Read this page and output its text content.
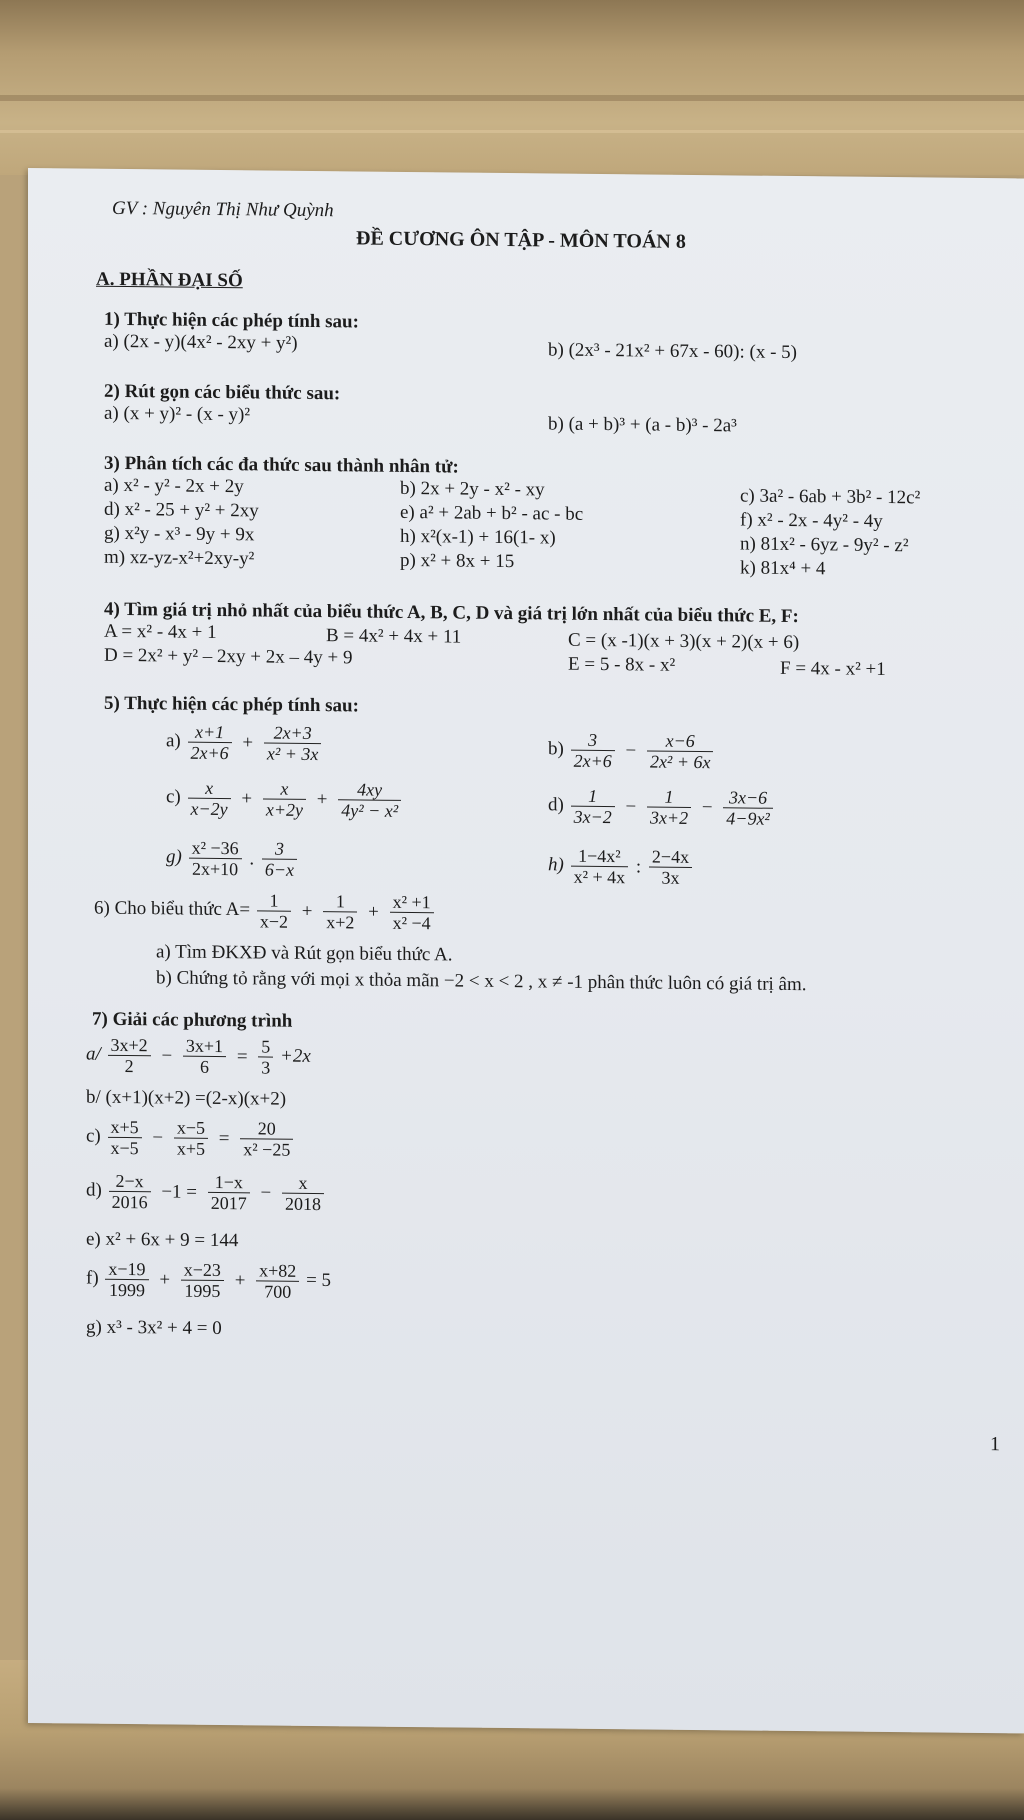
GV : Nguyên Thị Như Quỳnh
ĐỀ CƯƠNG ÔN TẬP - MÔN TOÁN 8
A. PHẦN ĐẠI SỐ
1) Thực hiện các phép tính sau:
a) (2x - y)(4x² - 2xy + y²)	b) (2x³ - 21x² + 67x - 60): (x - 5)
2) Rút gọn các biểu thức sau:
a) (x + y)² - (x - y)²	b) (a + b)³ + (a - b)³ - 2a³
3) Phân tích các đa thức sau thành nhân tử:
a) x² - y² - 2x + 2y	b) 2x + 2y - x² - xy	c) 3a² - 6ab + 3b² - 12c²
d) x² - 25 + y² + 2xy	e) a² + 2ab + b² - ac - bc	f) x² - 2x - 4y² - 4y
g) x²y - x³ - 9y + 9x	h) x²(x-1) + 16(1- x)	n) 81x² - 6yz - 9y² - z²
m) xz-yz-x²+2xy-y²	p) x² + 8x + 15	k) 81x⁴ + 4
4) Tìm giá trị nhỏ nhất của biểu thức A, B, C, D và giá trị lớn nhất của biểu thức E, F:
A = x² - 4x + 1	B = 4x² + 4x + 11	C = (x -1)(x + 3)(x + 2)(x + 6)
D = 2x² + y² – 2xy + 2x – 4y + 9	E = 5 - 8x - x²	F = 4x - x² +1
5) Thực hiện các phép tính sau:
$a) \frac{x+1}{2x+6} + \frac{2x+3}{\text{x² + 3x}}$	$b) \frac{3}{2x+6} - \frac{x-6}{\text{2x² + 6x}}$
$c) \frac{x}{x-2y} + \frac{x}{x+2y} + \frac{4xy}{\text{4y² − x²}}$	$d) \frac{1}{3x-2} - \frac{1}{3x+2} - \frac{3x-6}{\text{4−9x²}}$
$g) \frac{\text{x² −36}}{2x+10}$ . $\frac{3}{6-x}$	$h) \frac{\text{1−4x²}}{\text{x² + 4x}}$ : $\frac{2-4x}{3x}$
6) Cho biểu thức $A= \frac{1}{x-2} + \frac{1}{x+2} + \frac{\text{x² +1}}{\text{x² −4}}$
a) Tìm ĐKXĐ và Rút gọn biểu thức A.
b) Chứng tỏ rằng với mọi x thỏa mãn −2 < x < 2 , x ≠ -1 phân thức luôn có giá trị âm.
7) Giải các phương trình
$a/ \frac{3x+2}{2} - \frac{3x+1}{6} = \frac{5}{3} +2x$
b/ (x+1)(x+2) =(2-x)(x+2)
$c) \frac{x+5}{x-5} - \frac{x-5}{x+5} = \frac{20}{\text{x² −25}}$
$d) \frac{2-x}{2016} -1 = \frac{1-x}{2017} - \frac{x}{2018}$
e) x² + 6x + 9 = 144
$f) \frac{x-19}{1999} + \frac{x-23}{1995} + \frac{x+82}{700} = 5$
g) x³ - 3x² + 4 = 0
1
